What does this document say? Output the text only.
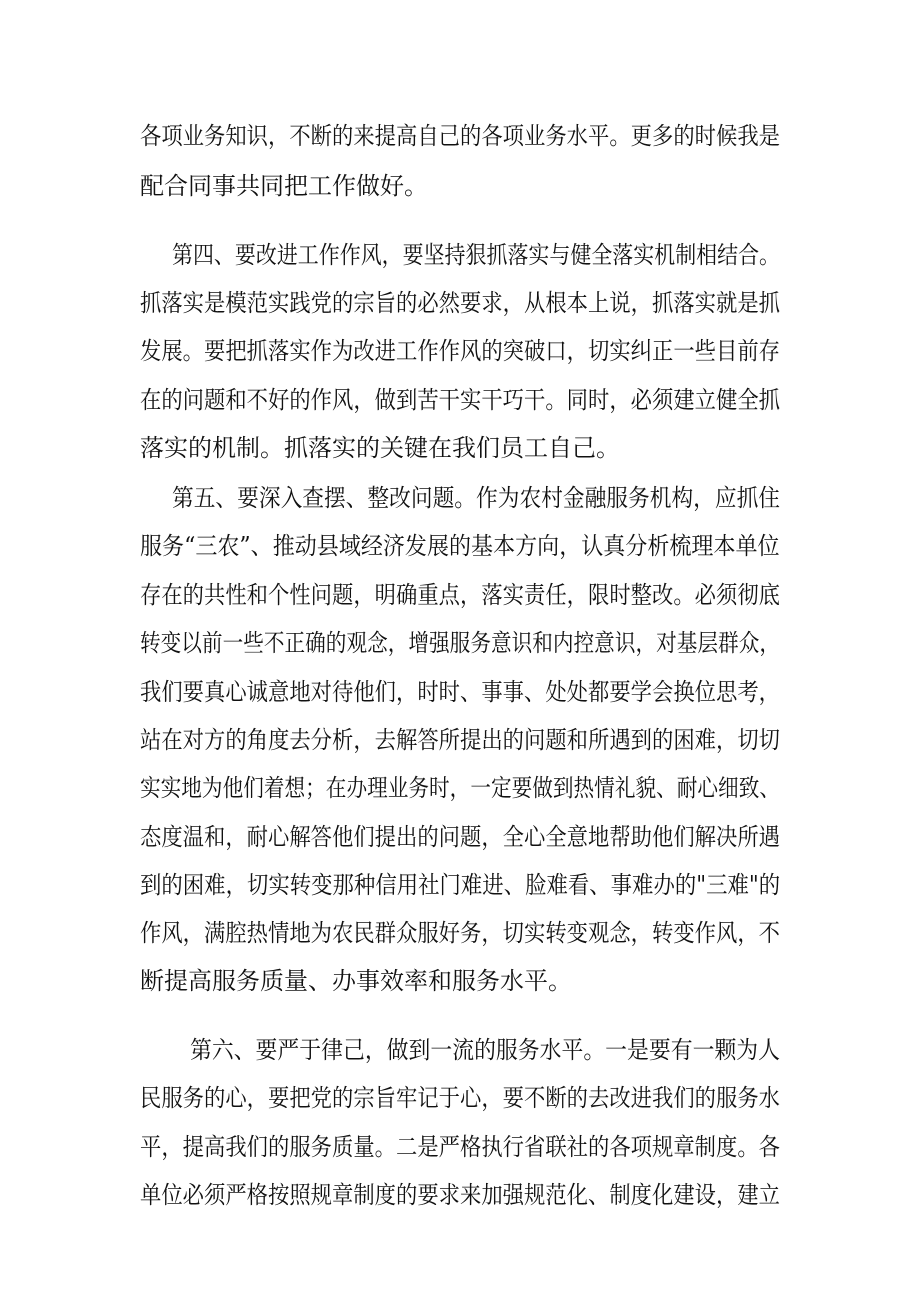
各项业务知识，不断的来提高自己的各项业务水平。更多的时候我是
配合同事共同把工作做好。
第四、要改进工作作风，要坚持狠抓落实与健全落实机制相结合。
抓落实是模范实践党的宗旨的必然要求，从根本上说，抓落实就是抓
发展。要把抓落实作为改进工作作风的突破口，切实纠正一些目前存
在的问题和不好的作风，做到苦干实干巧干。同时，必须建立健全抓
落实的机制。抓落实的关键在我们员工自己。
第五、要深入查摆、整改问题。作为农村金融服务机构，应抓住
服务“三农”、推动县域经济发展的基本方向，认真分析梳理本单位
存在的共性和个性问题，明确重点，落实责任，限时整改。必须彻底
转变以前一些不正确的观念，增强服务意识和内控意识，对基层群众，
我们要真心诚意地对待他们，时时、事事、处处都要学会换位思考，
站在对方的角度去分析，去解答所提出的问题和所遇到的困难，切切
实实地为他们着想；在办理业务时，一定要做到热情礼貌、耐心细致、
态度温和，耐心解答他们提出的问题，全心全意地帮助他们解决所遇
到的困难，切实转变那种信用社门难进、脸难看、事难办的"三难"的
作风，满腔热情地为农民群众服好务，切实转变观念，转变作风，不
断提高服务质量、办事效率和服务水平。
第六、要严于律己，做到一流的服务水平。一是要有一颗为人
民服务的心，要把党的宗旨牢记于心，要不断的去改进我们的服务水
平，提高我们的服务质量。二是严格执行省联社的各项规章制度。各
单位必须严格按照规章制度的要求来加强规范化、制度化建设，建立
